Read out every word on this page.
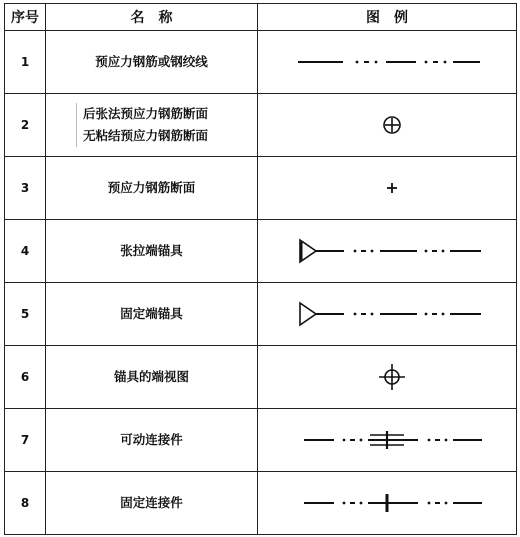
序号	名　称	图　例
1	预应力钢筋或钢绞线	

2	后张法预应力钢筋断面
无粘结预应力钢筋断面

3	预应力钢筋断面	

4	张拉端锚具	

5	固定端锚具	

6	锚具的端视图	

7	可动连接件	

8	固定连接件	
